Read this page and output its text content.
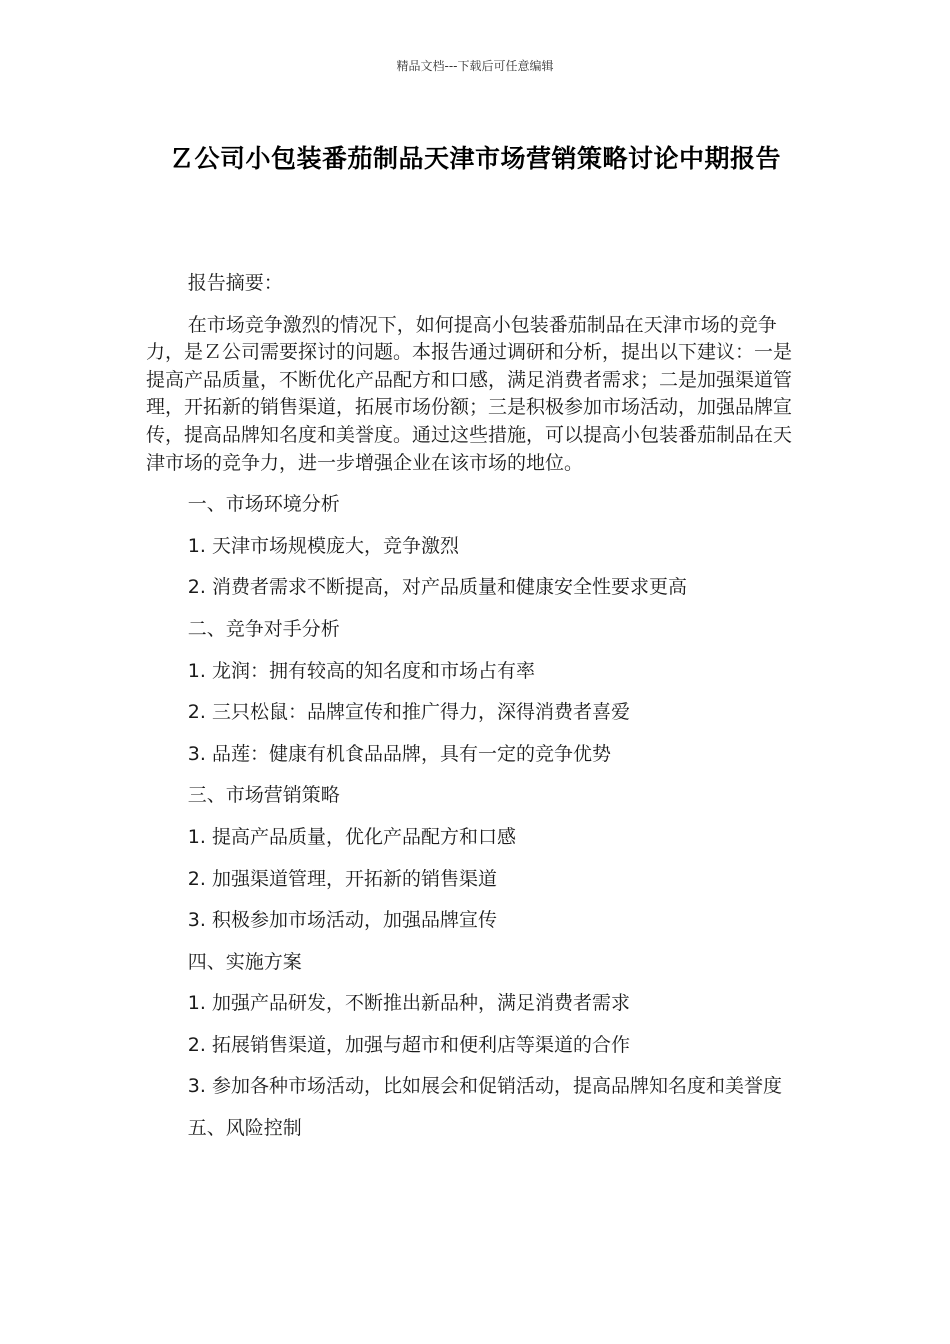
精品文档---下载后可任意编辑
Ｚ公司小包装番茄制品天津市场营销策略讨论中期报告

报告摘要：

在市场竞争激烈的情况下，如何提高小包装番茄制品在天津市场的竞争力，是Ｚ公司需要探讨的问题。本报告通过调研和分析，提出以下建议：一是提高产品质量，不断优化产品配方和口感，满足消费者需求；二是加强渠道管理，开拓新的销售渠道，拓展市场份额；三是积极参加市场活动，加强品牌宣传，提高品牌知名度和美誉度。通过这些措施，可以提高小包装番茄制品在天津市场的竞争力，进一步增强企业在该市场的地位。

一、市场环境分析

1. 天津市场规模庞大，竞争激烈

2. 消费者需求不断提高，对产品质量和健康安全性要求更高

二、竞争对手分析

1. 龙润：拥有较高的知名度和市场占有率

2. 三只松鼠：品牌宣传和推广得力，深得消费者喜爱

3. 品莲：健康有机食品品牌，具有一定的竞争优势

三、市场营销策略

1. 提高产品质量，优化产品配方和口感

2. 加强渠道管理，开拓新的销售渠道

3. 积极参加市场活动，加强品牌宣传

四、实施方案

1. 加强产品研发，不断推出新品种，满足消费者需求

2. 拓展销售渠道，加强与超市和便利店等渠道的合作

3. 参加各种市场活动，比如展会和促销活动，提高品牌知名度和美誉度

五、风险控制
